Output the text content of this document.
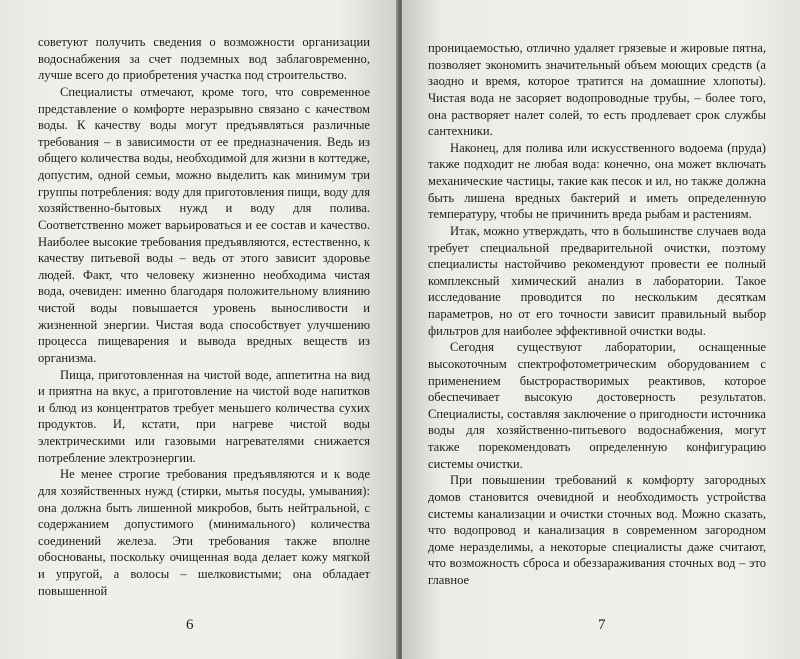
советуют получить сведения о возможности организации водоснабжения за счет подземных вод заблаговременно, лучше всего до приобретения участка под строительство.

Специалисты отмечают, кроме того, что современное представление о комфорте неразрывно связано с качеством воды. К качеству воды могут предъявляться различные требования – в зависимости от ее предназначения. Ведь из общего количества воды, необходимой для жизни в коттедже, допустим, одной семьи, можно выделить как минимум три группы потребления: воду для приготовления пищи, воду для хозяйственно-бытовых нужд и воду для полива. Соответственно может варьироваться и ее состав и качество. Наиболее высокие требования предъявляются, естественно, к качеству питьевой воды – ведь от этого зависит здоровье людей. Факт, что человеку жизненно необходима чистая вода, очевиден: именно благодаря положительному влиянию чистой воды повышается уровень выносливости и жизненной энергии. Чистая вода способствует улучшению процесса пищеварения и вывода вредных веществ из организма.

Пища, приготовленная на чистой воде, аппетитна на вид и приятна на вкус, а приготовление на чистой воде напитков и блюд из концентратов требует меньшего количества сухих продуктов. И, кстати, при нагреве чистой воды электрическими или газовыми нагревателями снижается потребление электроэнергии.

Не менее строгие требования предъявляются и к воде для хозяйственных нужд (стирки, мытья посуды, умывания): она должна быть лишенной микробов, быть нейтральной, с содержанием допустимого (минимального) количества соединений железа. Эти требования также вполне обоснованы, поскольку очищенная вода делает кожу мягкой и упругой, а волосы – шелковистыми; она обладает повышенной

6

проницаемостью, отлично удаляет грязевые и жировые пятна, позволяет экономить значительный объем моющих средств (а заодно и время, которое тратится на домашние хлопоты). Чистая вода не засоряет водопроводные трубы, – более того, она растворяет налет солей, то есть продлевает срок службы сантехники.

Наконец, для полива или искусственного водоема (пруда) также подходит не любая вода: конечно, она может включать механические частицы, такие как песок и ил, но также должна быть лишена вредных бактерий и иметь определенную температуру, чтобы не причинить вреда рыбам и растениям.

Итак, можно утверждать, что в большинстве случаев вода требует специальной предварительной очистки, поэтому специалисты настойчиво рекомендуют провести ее полный комплексный химический анализ в лаборатории. Такое исследование проводится по нескольким десяткам параметров, но от его точности зависит правильный выбор фильтров для наиболее эффективной очистки воды.

Сегодня существуют лаборатории, оснащенные высокоточным спектрофотометрическим оборудованием с применением быстрорастворимых реактивов, которое обеспечивает высокую достоверность результатов. Специалисты, составляя заключение о пригодности источника воды для хозяйственно-питьевого водоснабжения, могут также порекомендовать определенную конфигурацию системы очистки.

При повышении требований к комфорту загородных домов становится очевидной и необходимость устройства системы канализации и очистки сточных вод. Можно сказать, что водопровод и канализация в современном загородном доме неразделимы, а некоторые специалисты даже считают, что возможность сброса и обеззараживания сточных вод – это главное

7
